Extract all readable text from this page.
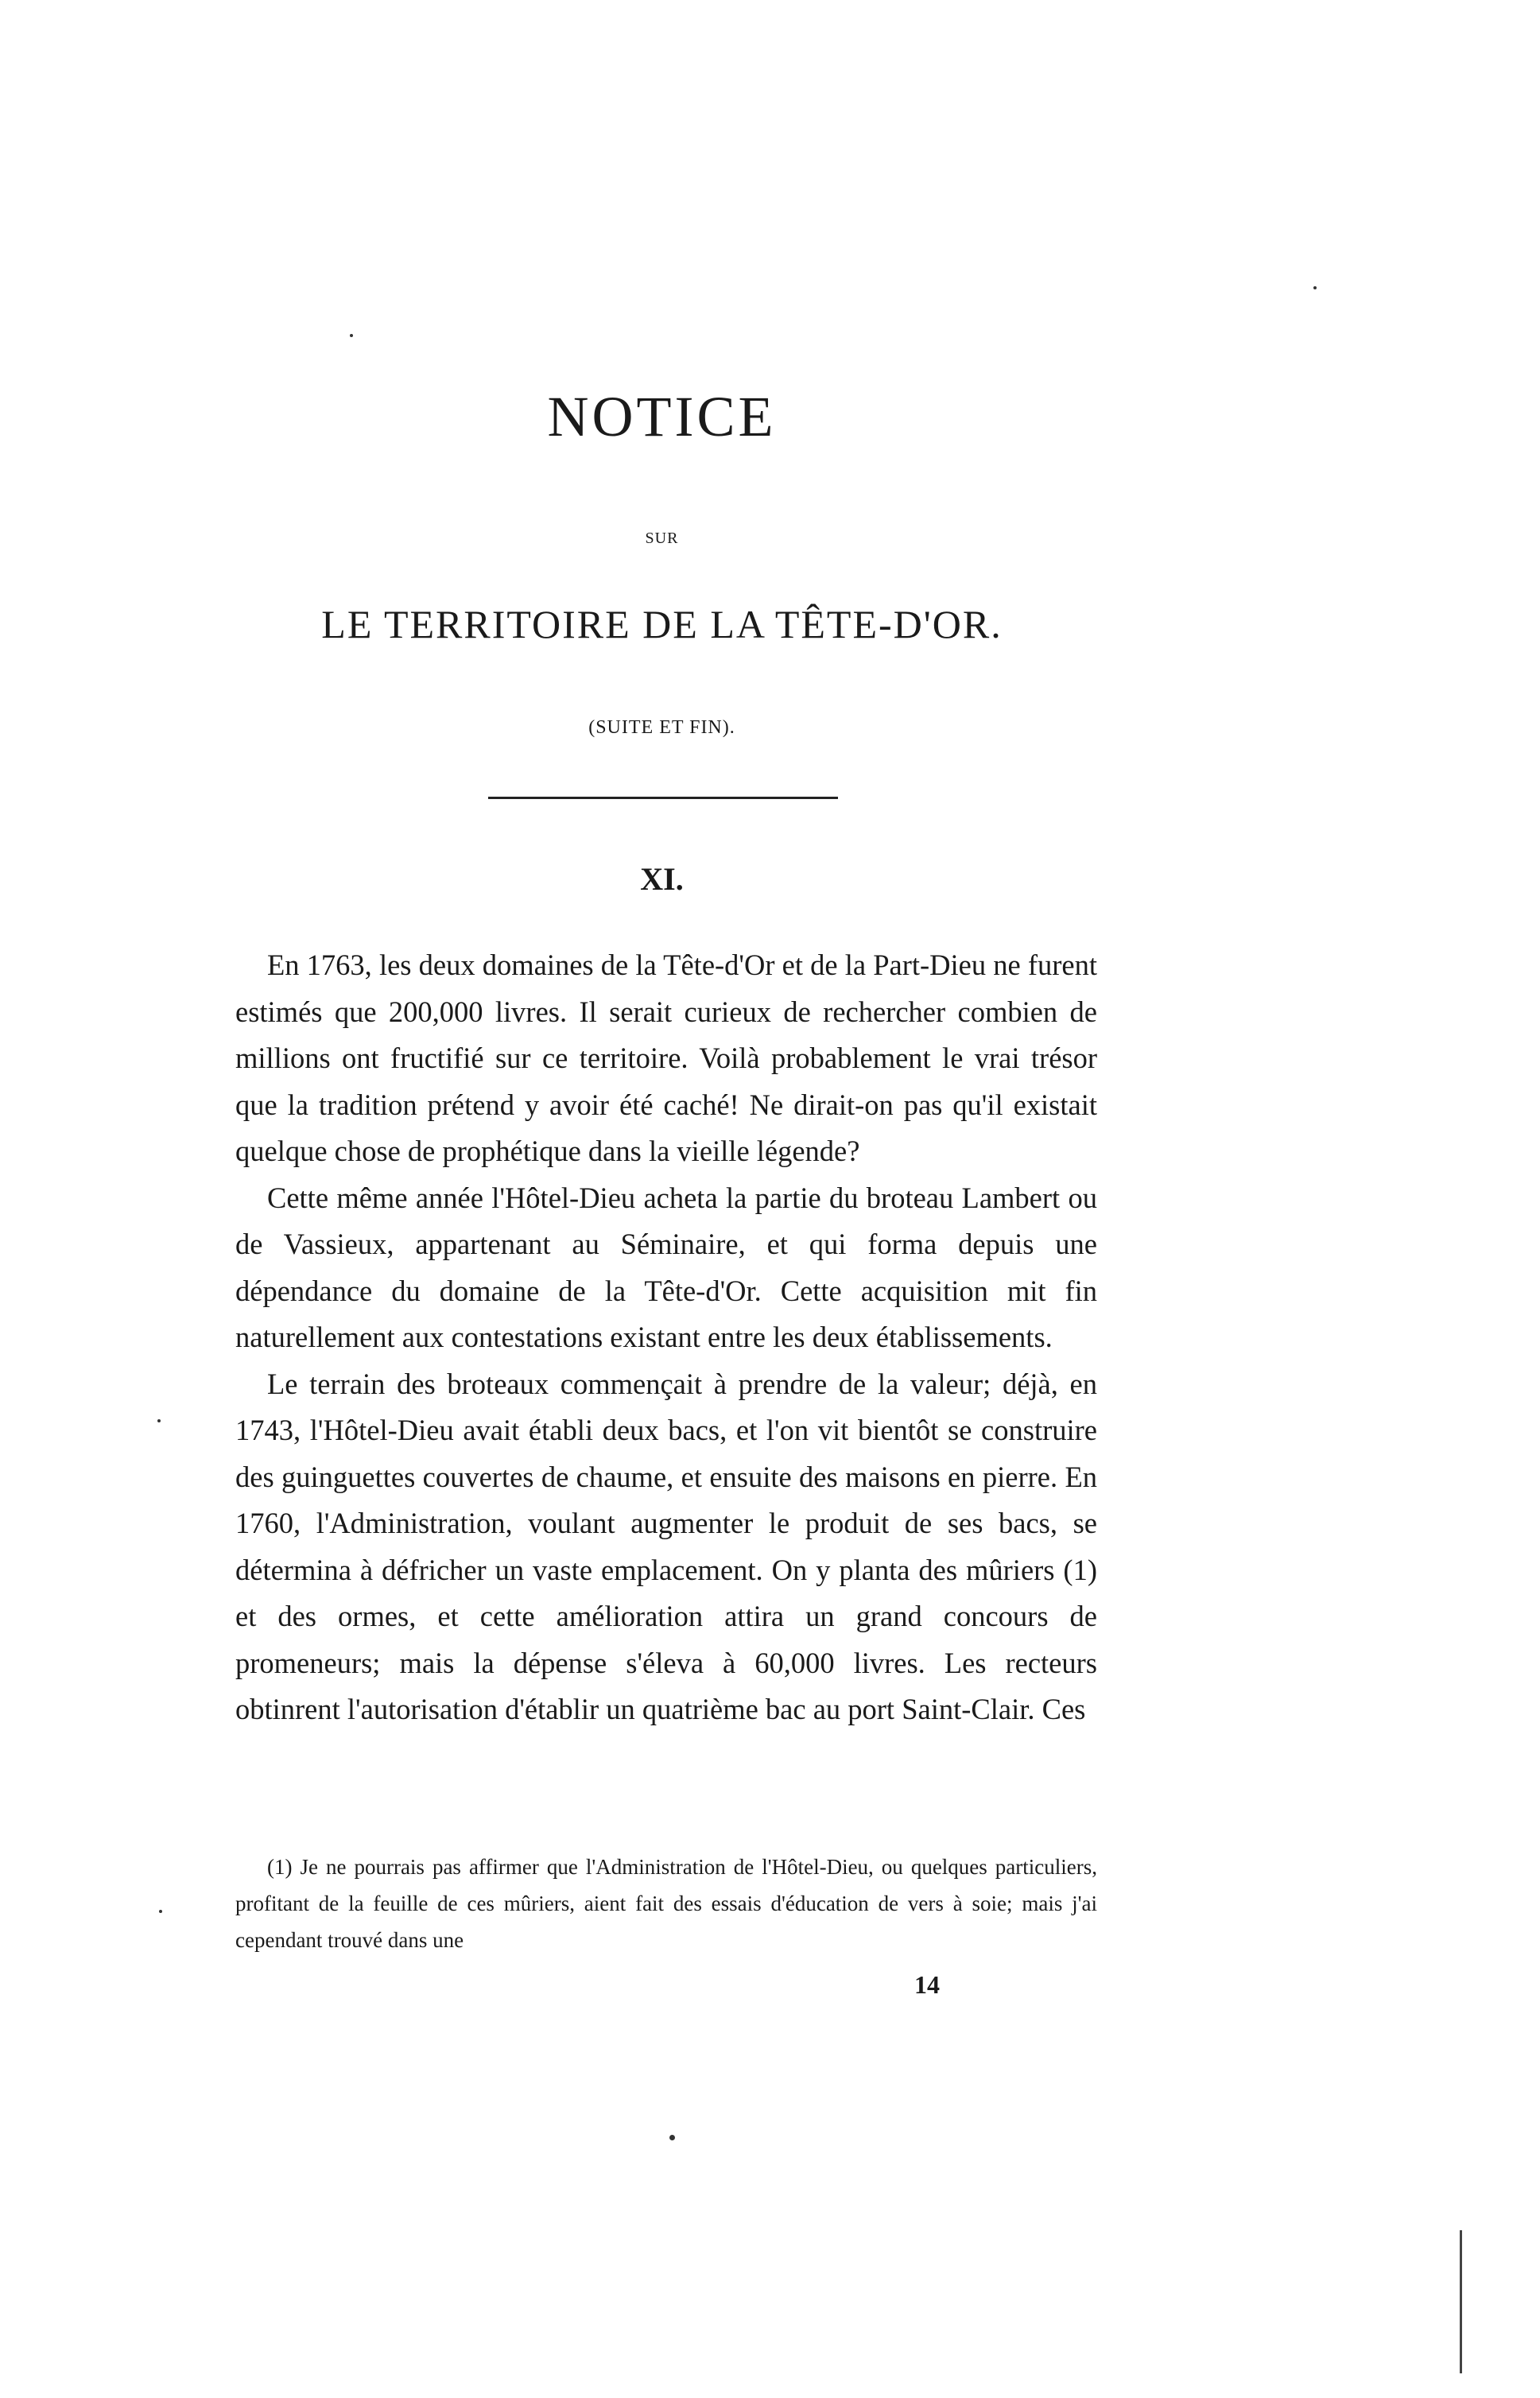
NOTICE
SUR
LE TERRITOIRE DE LA TÊTE-D'OR.
(SUITE ET FIN).
XI.

En 1763, les deux domaines de la Tête-d'Or et de la Part-Dieu ne furent estimés que 200,000 livres. Il serait curieux de rechercher combien de millions ont fructifié sur ce territoire. Voilà probablement le vrai trésor que la tradition prétend y avoir été caché! Ne dirait-on pas qu'il existait quelque chose de prophétique dans la vieille légende?

Cette même année l'Hôtel-Dieu acheta la partie du broteau Lambert ou de Vassieux, appartenant au Séminaire, et qui forma depuis une dépendance du domaine de la Tête-d'Or. Cette acquisition mit fin naturellement aux contestations existant entre les deux établissements.

Le terrain des broteaux commençait à prendre de la valeur; déjà, en 1743, l'Hôtel-Dieu avait établi deux bacs, et l'on vit bientôt se construire des guinguettes couvertes de chaume, et ensuite des maisons en pierre. En 1760, l'Administration, voulant augmenter le produit de ses bacs, se détermina à défricher un vaste emplacement. On y planta des mûriers (1) et des ormes, et cette amélioration attira un grand concours de promeneurs; mais la dépense s'éleva à 60,000 livres. Les recteurs obtinrent l'autorisation d'établir un quatrième bac au port Saint-Clair. Ces

(1) Je ne pourrais pas affirmer que l'Administration de l'Hôtel-Dieu, ou quelques particuliers, profitant de la feuille de ces mûriers, aient fait des essais d'éducation de vers à soie; mais j'ai cependant trouvé dans une

14
